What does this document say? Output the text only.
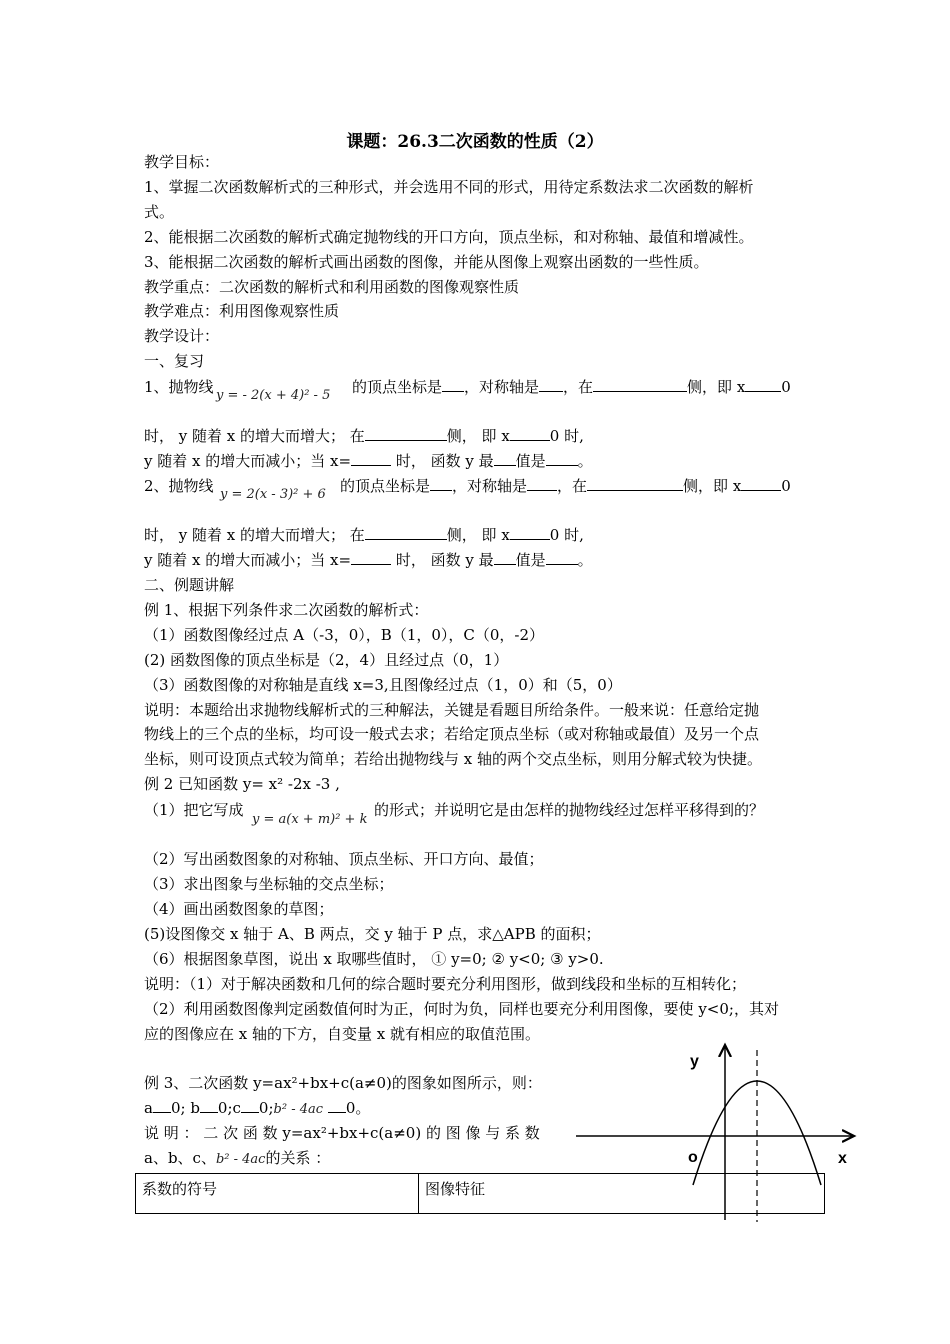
课题：26.3二次函数的性质（2）
教学目标：
1、掌握二次函数解析式的三种形式，并会选用不同的形式，用待定系数法求二次函数的解析
式。
2、能根据二次函数的解析式确定抛物线的开口方向，顶点坐标，和对称轴、最值和增减性。
3、能根据二次函数的解析式画出函数的图像，并能从图像上观察出函数的一些性质。
教学重点：二次函数的解析式和利用函数的图像观察性质
教学难点：利用图像观察性质
教学设计：
一、复习
1、抛物线 y = - 2(x + 4)² - 5 的顶点坐标是 ，对称轴是 ，在	侧，即 x 0
时， y 随着 x 的增大而增大； 在	侧， 即 x	0 时,
y 随着 x 的增大而减小；当 x=	时， 函数 y 最 值是 。
2、抛物线 y = 2(x - 3)² + 6 的顶点坐标是 ，对称轴是 ，在	侧，即 x	0
时， y 随着 x 的增大而增大； 在	侧， 即 x	0 时,
y 随着 x 的增大而减小；当 x=	时， 函数 y 最 值是 。
二、例题讲解
例 1、根据下列条件求二次函数的解析式：
（1）函数图像经过点 A（-3，0），B（1，0），C（0，-2）
(2) 函数图像的顶点坐标是（2，4）且经过点（0，1）
（3）函数图像的对称轴是直线 x=3,且图像经过点（1，0）和（5，0）
说明：本题给出求抛物线解析式的三种解法，关键是看题目所给条件。一般来说：任意给定抛
物线上的三个点的坐标，均可设一般式去求；若给定顶点坐标（或对称轴或最值）及另一个点
坐标，则可设顶点式较为简单；若给出抛物线与 x 轴的两个交点坐标，则用分解式较为快捷。
例 2 已知函数 y= x² -2x -3 ,
（1）把它写成
y = a(x + m)² + k
的形式；并说明它是由怎样的抛物线经过怎样平移得到的？
（2）写出函数图象的对称轴、顶点坐标、开口方向、最值；
（3）求出图象与坐标轴的交点坐标；
（4）画出函数图象的草图；
(5)设图像交 x 轴于 A、B 两点，交 y 轴于 P 点，求△APB 的面积；
（6）根据图象草图，说出 x 取哪些值时， ① y=0; ② y<0; ③ y>0.
说明：（1）对于解决函数和几何的综合题时要充分利用图形，做到线段和坐标的互相转化；
（2）利用函数图像判定函数值何时为正，何时为负，同样也要充分利用图像，要使 y<0;，其对
应的图像应在 x 轴的下方，自变量 x 就有相应的取值范围。
例 3、二次函数 y=ax²+bx+c(a≠0)的图象如图所示，则：
a 0; b 0;c 0;b² - 4ac 0。
说 明 ： 二 次 函 数 y=ax²+bx+c(a≠0) 的 图 像 与 系 数
a、b、c、b² - 4ac的关系 ：
系数的符号	图像特征
y
x
o
